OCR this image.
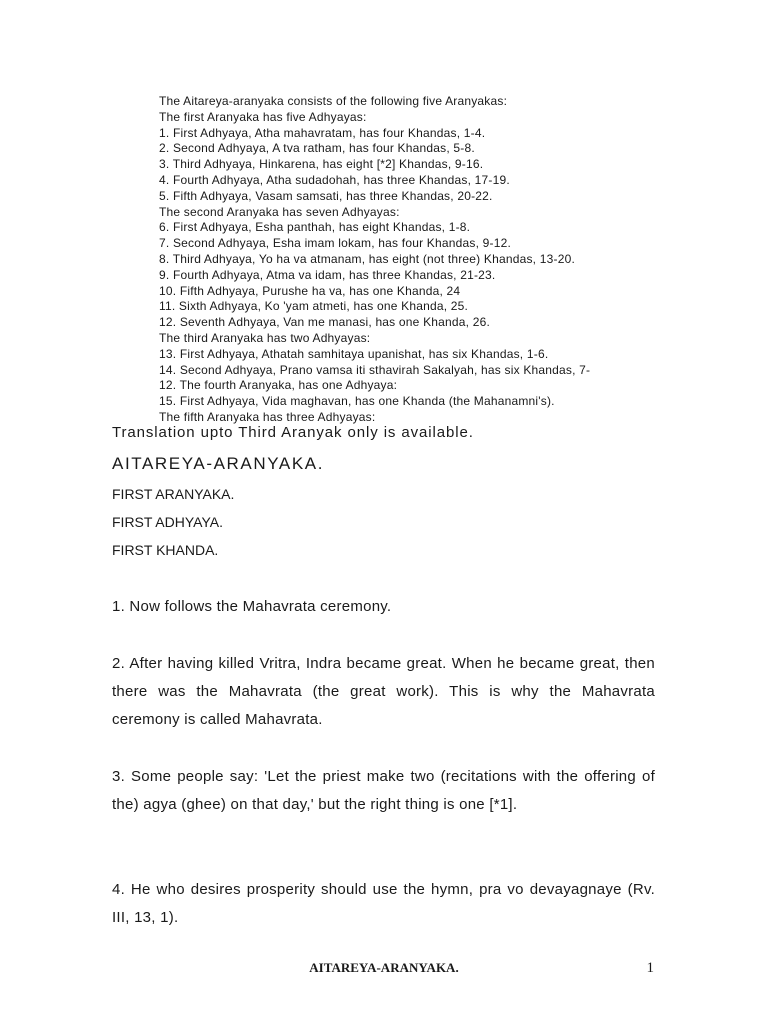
The Aitareya-aranyaka consists of the following five Aranyakas:
The first Aranyaka has five Adhyayas:
1. First Adhyaya, Atha mahavratam, has four Khandas, 1-4.
2. Second Adhyaya, A tva ratham, has four Khandas, 5-8.
3. Third Adhyaya, Hinkarena, has eight [*2] Khandas, 9-16.
4. Fourth Adhyaya, Atha sudadohah, has three Khandas, 17-19.
5. Fifth Adhyaya, Vasam samsati, has three Khandas, 20-22.
The second Aranyaka has seven Adhyayas:
6. First Adhyaya, Esha panthah, has eight Khandas, 1-8.
7. Second Adhyaya, Esha imam lokam, has four Khandas, 9-12.
8. Third Adhyaya, Yo ha va atmanam, has eight (not three) Khandas, 13-20.
9. Fourth Adhyaya, Atma va idam, has three Khandas, 21-23.
10. Fifth Adhyaya, Purushe ha va, has one Khanda, 24
11. Sixth Adhyaya, Ko 'yam atmeti, has one Khanda, 25.
12. Seventh Adhyaya, Van me manasi, has one Khanda, 26.
The third Aranyaka has two Adhyayas:
13. First Adhyaya, Athatah samhitaya upanishat, has six Khandas, 1-6.
14. Second Adhyaya, Prano vamsa iti sthavirah Sakalyah, has six Khandas, 7-
12. The fourth Aranyaka, has one Adhyaya:
15. First Adhyaya, Vida maghavan, has one Khanda (the Mahanamni's).
The fifth Aranyaka has three Adhyayas:
Translation upto Third Aranyak only is available.
AITAREYA-ARANYAKA.
FIRST ARANYAKA.
FIRST ADHYAYA.
FIRST KHANDA.
1. Now follows the Mahavrata ceremony.
2. After having killed Vritra, Indra became great. When he became great, then there was the Mahavrata (the great work). This is why the Mahavrata ceremony is called Mahavrata.
3. Some people say: 'Let the priest make two (recitations with the offering of the) agya (ghee) on that day,' but the right thing is one [*1].
4. He who desires prosperity should use the hymn, pra vo devayagnaye (Rv. III, 13, 1).
AITAREYA-ARANYAKA.	1
